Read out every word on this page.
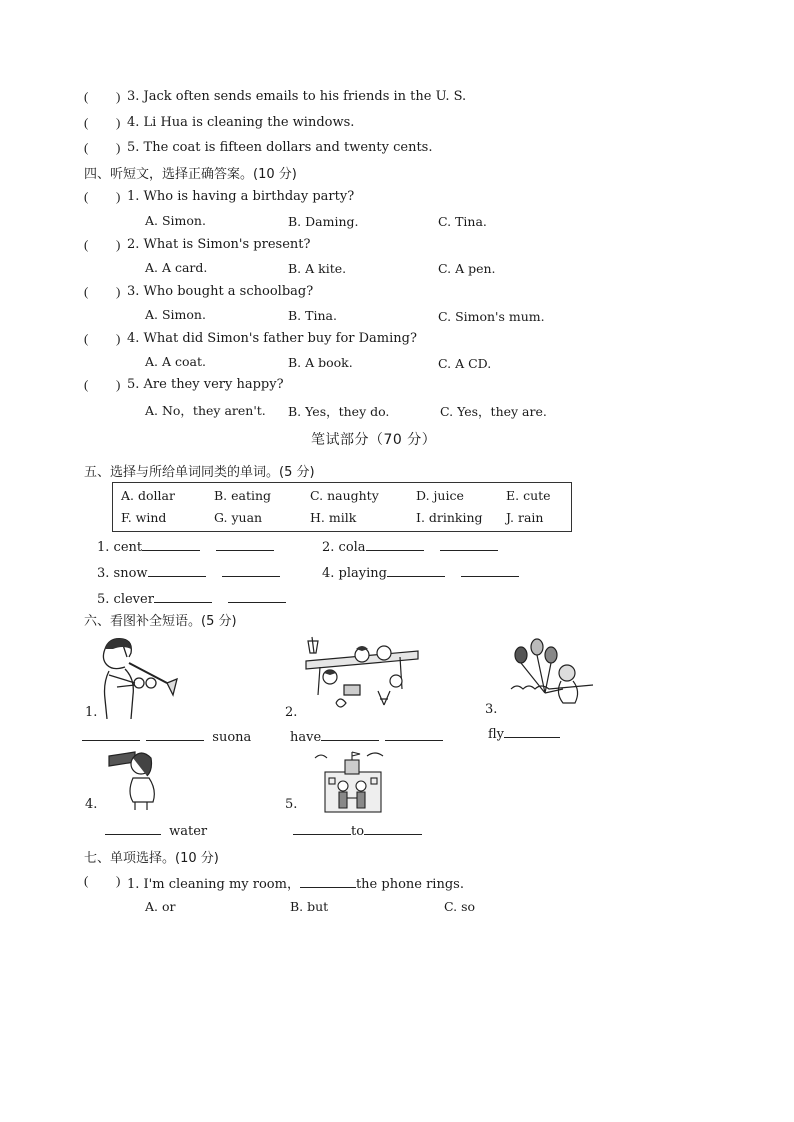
( ) 3. Jack often sends emails to his friends in the U. S.
( ) 4. Li Hua is cleaning the windows.
( ) 5. The coat is fifteen dollars and twenty cents.
四、听短文，选择正确答案。(10 分)
( ) 1. Who is having a birthday party?
A. Simon.	B. Daming.	C. Tina.
( ) 2. What is Simon's present?
A. A card.	B. A kite.	C. A pen.
( ) 3. Who bought a schoolbag?
A. Simon.	B. Tina.	C. Simon's mum.
( ) 4. What did Simon's father buy for Daming?
A. A coat.	B. A book.	C. A CD.
( ) 5. Are they very happy?
A. No，they aren't. B. Yes，they do.	C. Yes，they are.
笔试部分（70 分）
五、选择与所给单词同类的单词。(5 分)
A. dollar	B. eating	C. naughty	D. juice	E. cute
F. wind	G. yuan	H. milk	I. drinking J. rain
1. cent	2. cola
3. snow	4. playing
5. clever
六、看图补全短语。(5 分)
1.	2.	3.
suona	have	fly
4.	5.
water	to
七、单项选择。(10 分)
( ) 1. I'm cleaning my room，	the phone rings.
A. or	B. but	C. so
